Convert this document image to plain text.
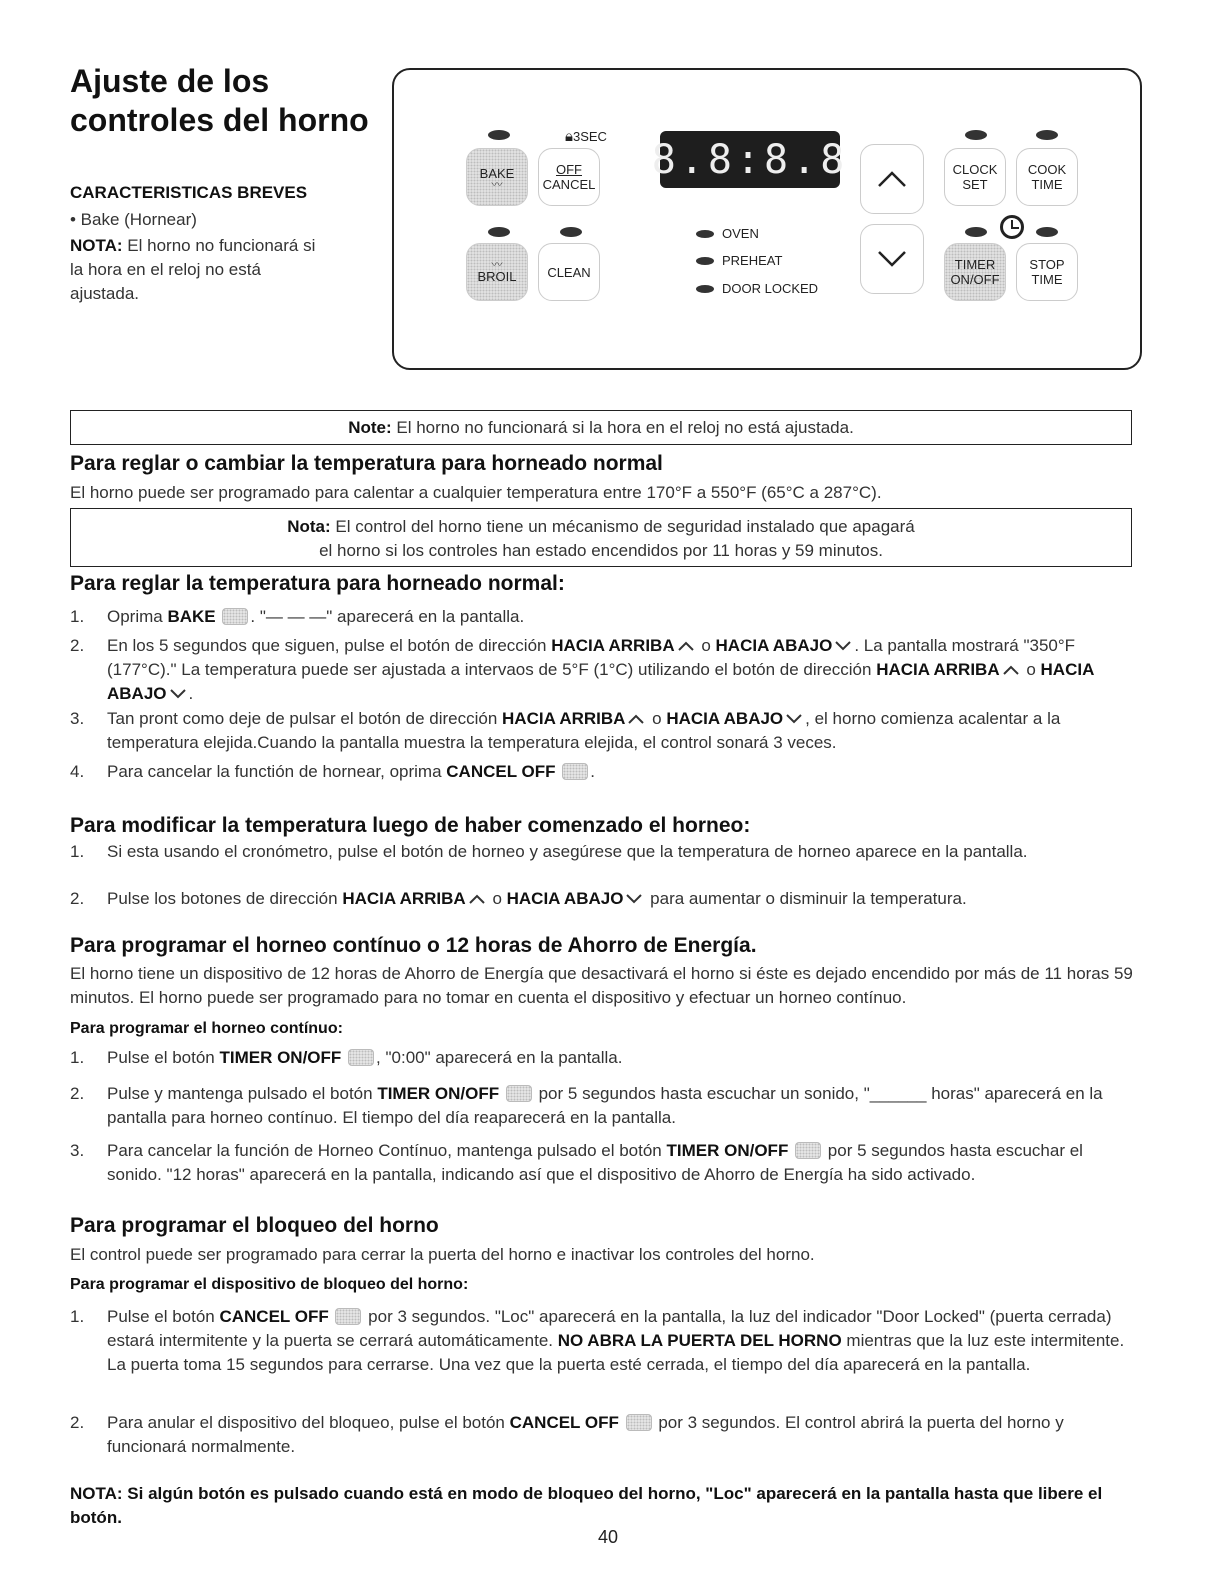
Ajuste de los controles del horno
CARACTERISTICAS BREVES
• Bake (Hornear)
NOTA: El horno no funcionará si la hora en el reloj no está ajustada.
🔒︎3SEC
BAKE
〰
OFF
CANCEL
〰
BROIL CLEAN
8.8:8.8
OVEN
PREHEAT
DOOR LOCKED
CLOCK
SET
COOK
TIME
TIMER
ON/OFF
STOP
TIME
Note: El horno no funcionará si la hora en el reloj no está ajustada.
Para reglar o cambiar la temperatura para horneado normal
El horno puede ser programado para calentar a cualquier temperatura entre 170°F a 550°F (65°C a 287°C).
Nota: El control del horno tiene un mécanismo de seguridad instalado que apagará
el horno si los controles han estado encendidos por 11 horas y 59 minutos.
Para reglar la temperatura para horneado normal:
1. Oprima BAKE . "— — —" aparecerá en la pantalla.
2. En los 5 segundos que siguen, pulse el botón de dirección HACIA ARRIBA o HACIA ABAJO . La pantalla mostrará "350°F (177°C)." La temperatura puede ser ajustada a intervaos de 5°F (1°C) utilizando el botón de dirección HACIA ARRIBA o HACIA ABAJO .
3. Tan pront como deje de pulsar el botón de dirección HACIA ARRIBA o HACIA ABAJO , el horno comienza acalentar a la temperatura elejida.Cuando la pantalla muestra la temperatura elejida, el control sonará 3 veces.
4. Para cancelar la functión de hornear, oprima CANCEL OFF .
Para modificar la temperatura luego de haber comenzado el horneo:
1. Si esta usando el cronómetro, pulse el botón de horneo y asegúrese que la temperatura de horneo aparece en la pantalla.
2. Pulse los botones de dirección HACIA ARRIBA o HACIA ABAJO para aumentar o disminuir la temperatura.
Para programar el horneo contínuo o 12 horas de Ahorro de Energía.
El horno tiene un dispositivo de 12 horas de Ahorro de Energía que desactivará el horno si éste es dejado encendido por más de 11 horas 59 minutos. El horno puede ser programado para no tomar en cuenta el dispositivo y efectuar un horneo contínuo.
Para programar el horneo contínuo:
1. Pulse el botón TIMER ON/OFF , "0:00" aparecerá en la pantalla.
2. Pulse y mantenga pulsado el botón TIMER ON/OFF  por 5 segundos hasta escuchar un sonido, "______ horas" aparecerá en la pantalla para horneo contínuo. El tiempo del día reaparecerá en la pantalla.
3. Para cancelar la función de Horneo Contínuo, mantenga pulsado el botón TIMER ON/OFF  por 5 segundos hasta escuchar el sonido. "12 horas" aparecerá en la pantalla, indicando así que el dispositivo de Ahorro de Energía ha sido activado.
Para programar el bloqueo del horno
El control puede ser programado para cerrar la puerta del horno e inactivar los controles del horno.
Para programar el dispositivo de bloqueo del horno:
1. Pulse el botón CANCEL OFF  por 3 segundos. "Loc" aparecerá en la pantalla, la luz del indicador "Door Locked" (puerta cerrada) estará intermitente y la puerta se cerrará automáticamente. NO ABRA LA PUERTA DEL HORNO mientras que la luz este intermitente. La puerta toma 15 segundos para cerrarse. Una vez que la puerta esté cerrada, el tiempo del día aparecerá en la pantalla.
2. Para anular el dispositivo del bloqueo, pulse el botón CANCEL OFF  por 3 segundos. El control abrirá la puerta del horno y funcionará normalmente.
NOTA: Si algún botón es pulsado cuando está en modo de bloqueo del horno, "Loc" aparecerá en la pantalla hasta que libere el botón.
40
